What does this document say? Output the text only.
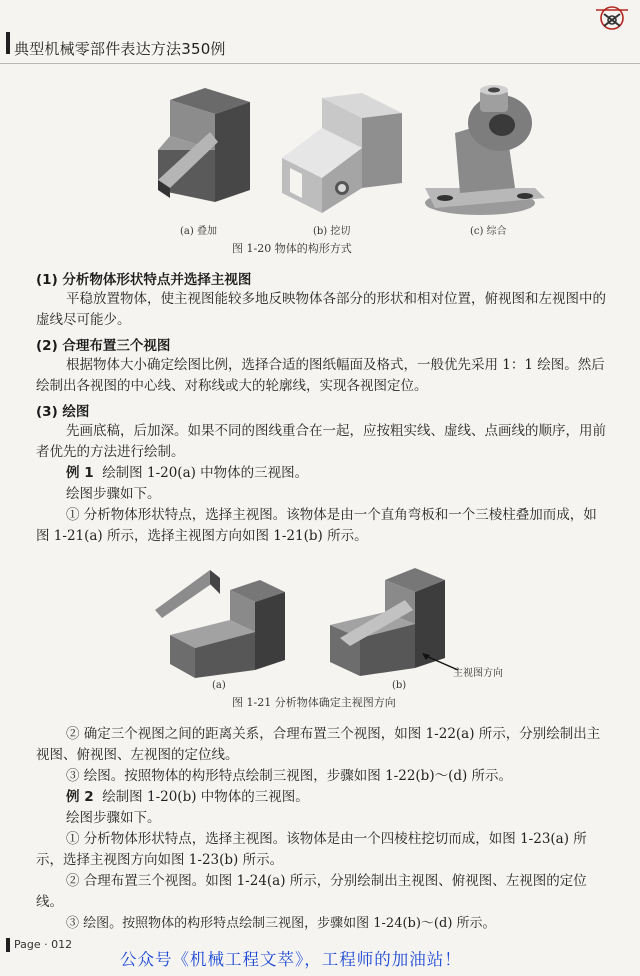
典型机械零部件表达方法350例
(a) 叠加	(b) 挖切	(c) 综合
图 1-20 物体的构形方式
(1) 分析物体形状特点并选择主视图
平稳放置物体，使主视图能较多地反映物体各部分的形状和相对位置，俯视图和左视图中的虚线尽可能少。
(2) 合理布置三个视图
根据物体大小确定绘图比例，选择合适的图纸幅面及格式，一般优先采用 1：1 绘图。然后绘制出各视图的中心线、对称线或大的轮廓线，实现各视图定位。
(3) 绘图
先画底稿，后加深。如果不同的图线重合在一起，应按粗实线、虚线、点画线的顺序，用前者优先的方法进行绘制。
例 1 绘制图 1-20(a) 中物体的三视图。
绘图步骤如下。
① 分析物体形状特点，选择主视图。该物体是由一个直角弯板和一个三棱柱叠加而成，如图 1-21(a) 所示，选择主视图方向如图 1-21(b) 所示。
主视图方向
(a)	(b)
图 1-21 分析物体确定主视图方向
② 确定三个视图之间的距离关系，合理布置三个视图，如图 1-22(a) 所示，分别绘制出主视图、俯视图、左视图的定位线。
③ 绘图。按照物体的构形特点绘制三视图，步骤如图 1-22(b)～(d) 所示。
例 2 绘制图 1-20(b) 中物体的三视图。
绘图步骤如下。
① 分析物体形状特点，选择主视图。该物体是由一个四棱柱挖切而成，如图 1-23(a) 所示，选择主视图方向如图 1-23(b) 所示。
② 合理布置三个视图。如图 1-24(a) 所示，分别绘制出主视图、俯视图、左视图的定位线。
③ 绘图。按照物体的构形特点绘制三视图，步骤如图 1-24(b)～(d) 所示。
Page · 012
公众号《机械工程文萃》，工程师的加油站！
